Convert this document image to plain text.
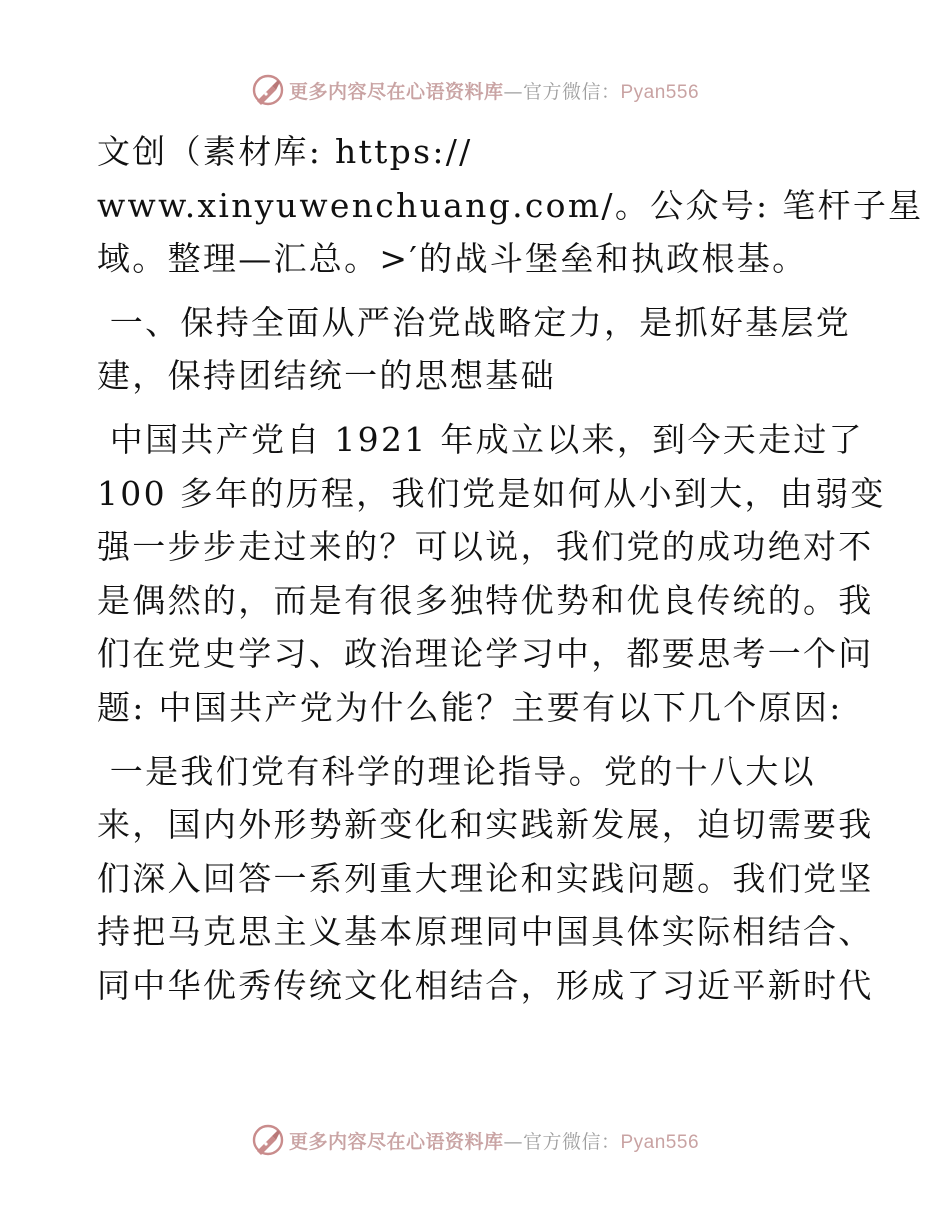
更多内容尽在心语资料库—官方微信：Pyan556

文创（素材库: https://
www.xinyuwenchuang.com/。公众号: 笔杆子星
域。整理—汇总。>′的战斗堡垒和执政根基。

一、保持全面从严治党战略定力，是抓好基层党
建，保持团结统一的思想基础

中国共产党自 1921 年成立以来，到今天走过了
100 多年的历程，我们党是如何从小到大，由弱变
强一步步走过来的？可以说，我们党的成功绝对不
是偶然的，而是有很多独特优势和优良传统的。我
们在党史学习、政治理论学习中，都要思考一个问
题: 中国共产党为什么能？主要有以下几个原因:

一是我们党有科学的理论指导。党的十八大以
来，国内外形势新变化和实践新发展，迫切需要我
们深入回答一系列重大理论和实践问题。我们党坚
持把马克思主义基本原理同中国具体实际相结合、
同中华优秀传统文化相结合，形成了习近平新时代

更多内容尽在心语资料库—官方微信：Pyan556
